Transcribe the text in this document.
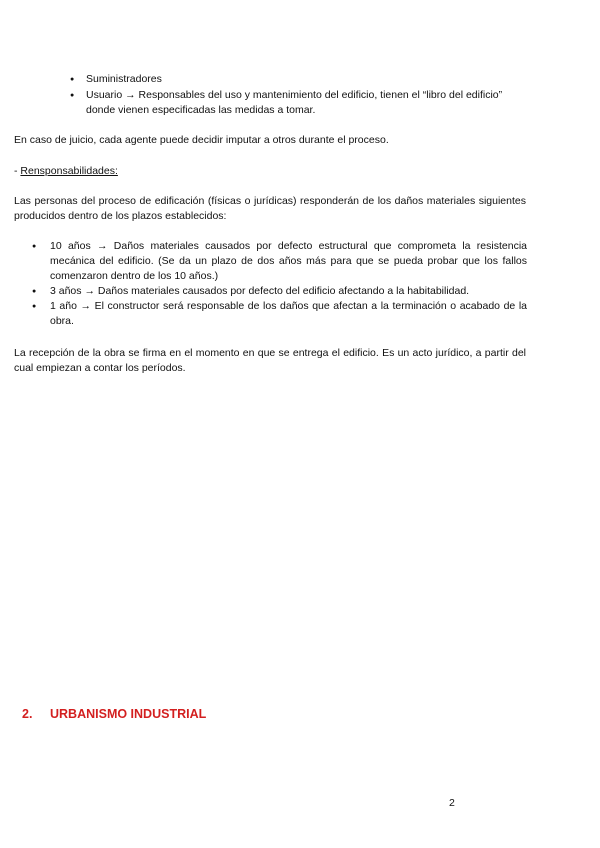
● Suministradores
● Usuario → Responsables del uso y mantenimiento del edificio, tienen el “libro del edificio” donde vienen especificadas las medidas a tomar.
En caso de juicio, cada agente puede decidir imputar a otros durante el proceso.
- Rensponsabilidades:
Las personas del proceso de edificación (físicas o jurídicas) responderán de los daños materiales siguientes producidos dentro de los plazos establecidos:
● 10 años → Daños materiales causados por defecto estructural que comprometa la resistencia mecánica del edificio. (Se da un plazo de dos años más para que se pueda probar que los fallos comenzaron dentro de los 10 años.)
● 3 años → Daños materiales causados por defecto del edificio afectando a la habitabilidad.
● 1 año → El constructor será responsable de los daños que afectan a la terminación o acabado de la obra.
La recepción de la obra se firma en el momento en que se entrega el edificio. Es un acto jurídico, a partir del cual empiezan a contar los períodos.
2. URBANISMO INDUSTRIAL
2
